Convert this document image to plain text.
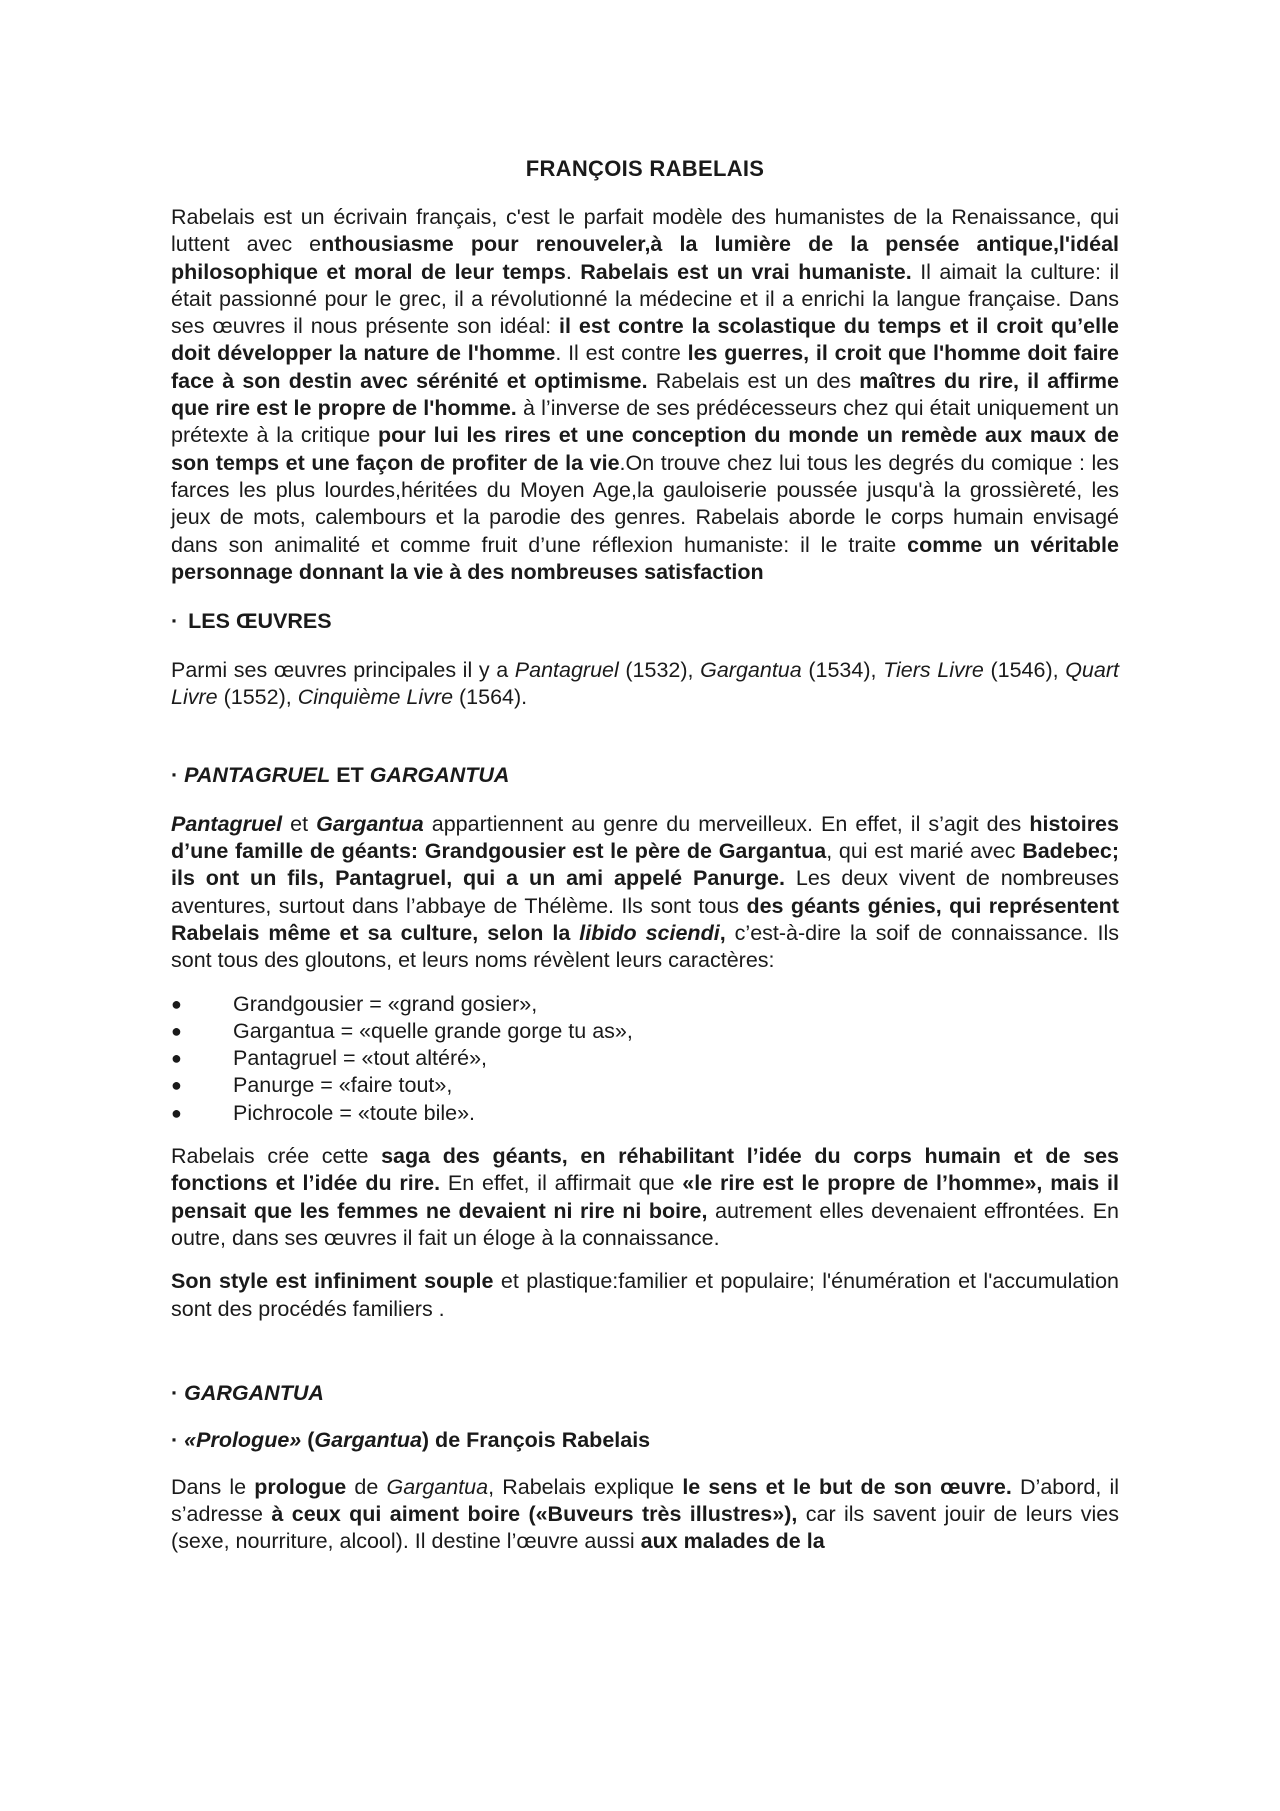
FRANÇOIS RABELAIS

Rabelais est un écrivain français, c'est le parfait modèle des humanistes de la Renaissance, qui luttent avec enthousiasme pour renouveler,à la lumière de la pensée antique,l'idéal philosophique et moral de leur temps. Rabelais est un vrai humaniste. Il aimait la culture: il était passionné pour le grec, il a révolutionné la médecine et il a enrichi la langue française. Dans ses œuvres il nous présente son idéal: il est contre la scolastique du temps et il croit qu’elle doit développer la nature de l'homme. Il est contre les guerres, il croit que l'homme doit faire face à son destin avec sérénité et optimisme. Rabelais est un des maîtres du rire, il affirme que rire est le propre de l'homme. à l’inverse de ses prédécesseurs chez qui était uniquement un prétexte à la critique pour lui les rires et une conception du monde un remède aux maux de son temps et une façon de profiter de la vie.On trouve chez lui tous les degrés du comique : les farces les plus lourdes,héritées du Moyen Age,la gauloiserie poussée jusqu'à la grossièreté, les jeux de mots, calembours et la parodie des genres. Rabelais aborde le corps humain envisagé dans son animalité et comme fruit d’une réflexion humaniste: il le traite comme un véritable personnage donnant la vie à des nombreuses satisfaction

· LES ŒUVRES

Parmi ses œuvres principales il y a Pantagruel (1532), Gargantua (1534), Tiers Livre (1546), Quart Livre (1552), Cinquième Livre (1564).

· PANTAGRUEL ET GARGANTUA

Pantagruel et Gargantua appartiennent au genre du merveilleux. En effet, il s’agit des histoires d’une famille de géants: Grandgousier est le père de Gargantua, qui est marié avec Badebec; ils ont un fils, Pantagruel, qui a un ami appelé Panurge. Les deux vivent de nombreuses aventures, surtout dans l’abbaye de Thélème. Ils sont tous des géants génies, qui représentent Rabelais même et sa culture, selon la libido sciendi, c’est-à-dire la soif de connaissance. Ils sont tous des gloutons, et leurs noms révèlent leurs caractères:

●	Grandgousier = «grand gosier»,
●	Gargantua = «quelle grande gorge tu as»,
●	Pantagruel = «tout altéré»,
●	Panurge = «faire tout»,
●	Pichrocole = «toute bile».

Rabelais crée cette saga des géants, en réhabilitant l’idée du corps humain et de ses fonctions et l’idée du rire. En effet, il affirmait que «le rire est le propre de l’homme», mais il pensait que les femmes ne devaient ni rire ni boire, autrement elles devenaient effrontées. En outre, dans ses œuvres il fait un éloge à la connaissance.

Son style est infiniment souple et plastique:familier et populaire; l'énumération et l'accumulation sont des procédés familiers .

· GARGANTUA
· «Prologue» (Gargantua) de François Rabelais

Dans le prologue de Gargantua, Rabelais explique le sens et le but de son œuvre. D’abord, il s’adresse à ceux qui aiment boire («Buveurs très illustres»), car ils savent jouir de leurs vies (sexe, nourriture, alcool). Il destine l’œuvre aussi aux malades de la
